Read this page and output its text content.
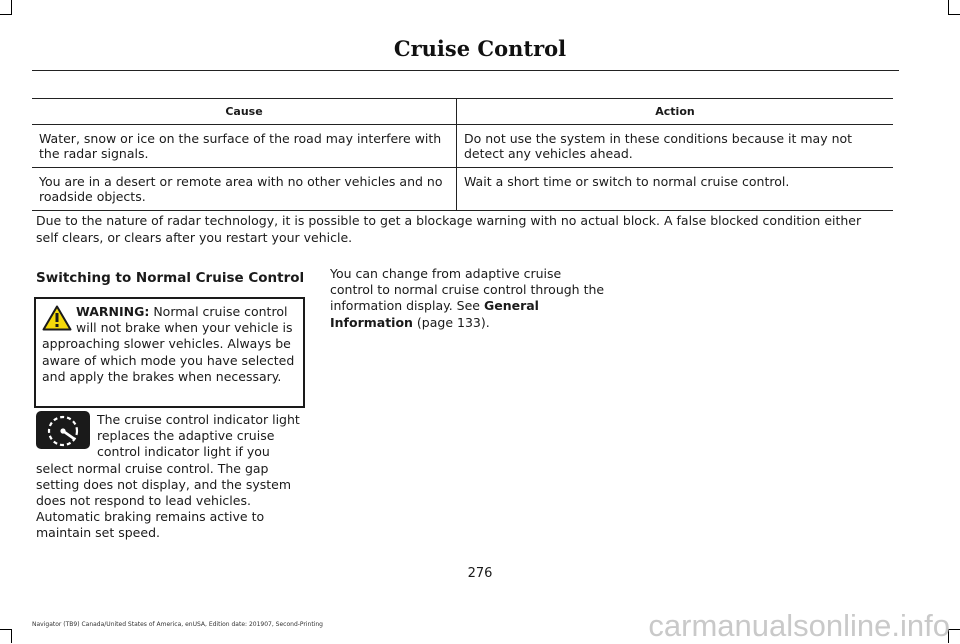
Cruise Control
Cause	Action
Water, snow or ice on the surface of the road may interfere with the radar signals.	Do not use the system in these conditions because it may not detect any vehicles ahead.
You are in a desert or remote area with no other vehicles and no roadside objects.	Wait a short time or switch to normal cruise control.

Due to the nature of radar technology, it is possible to get a blockage warning with no actual block. A false blocked condition either self clears, or clears after you restart your vehicle.

Switching to Normal Cruise Control
WARNING: Normal cruise control will not brake when your vehicle is approaching slower vehicles. Always be aware of which mode you have selected and apply the brakes when necessary.

The cruise control indicator light replaces the adaptive cruise control indicator light if you select normal cruise control. The gap setting does not display, and the system does not respond to lead vehicles. Automatic braking remains active to maintain set speed.

You can change from adaptive cruise control to normal cruise control through the information display. See General Information (page 133).

276
Navigator (TB9) Canada/United States of America, enUSA, Edition date: 201907, Second-Printing	carmanualsonline.info
